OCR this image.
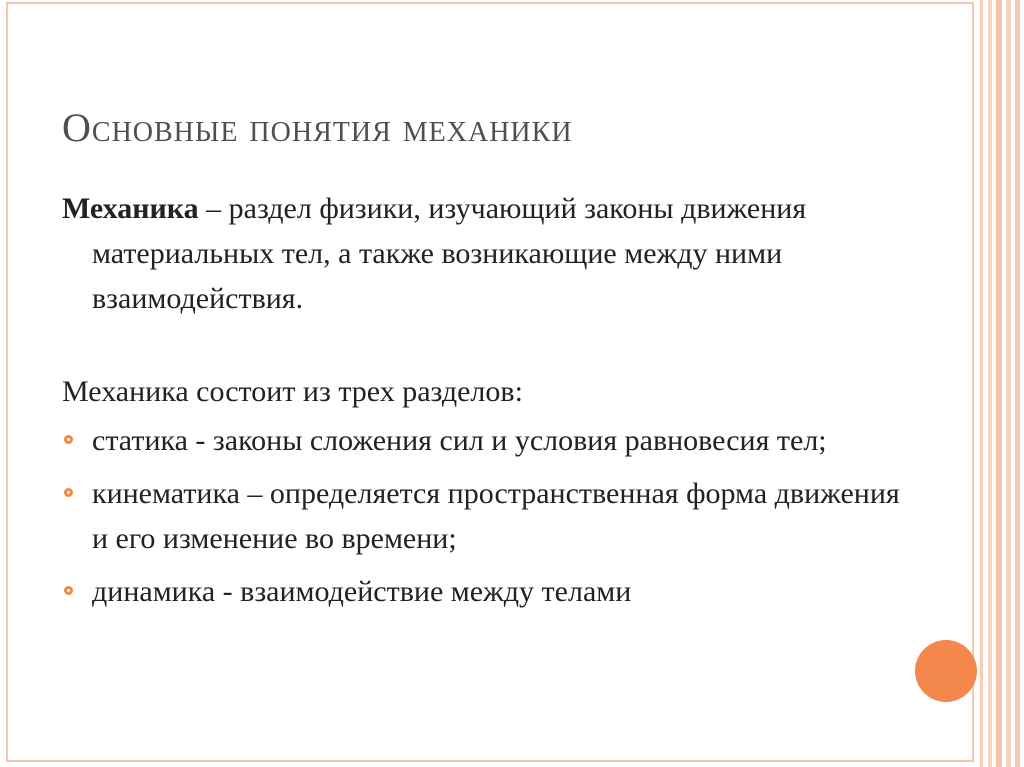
Основные понятия механики
Механика – раздел физики, изучающий законы движения материальных тел, а также возникающие между ними взаимодействия.
Механика состоит из трех разделов:
статика - законы сложения сил и условия равновесия тел;
кинематика – определяется пространственная форма движения и его изменение во времени;
динамика - взаимодействие между телами
